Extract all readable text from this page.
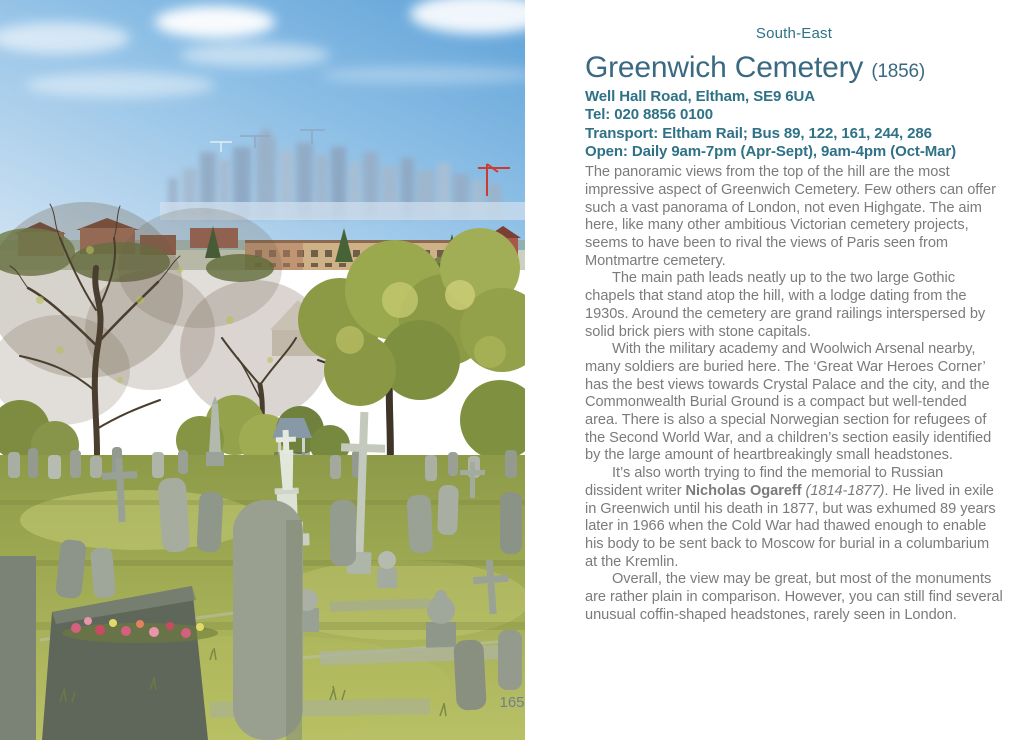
South-East
Greenwich Cemetery (1856)
Well Hall Road, Eltham, SE9 6UA
Tel: 020 8856 0100
Transport: Eltham Rail; Bus 89, 122, 161, 244, 286
Open: Daily 9am-7pm (Apr-Sept), 9am-4pm (Oct-Mar)

The panoramic views from the top of the hill are the most impressive aspect of Greenwich Cemetery. Few others can offer such a vast panorama of London, not even Highgate. The aim here, like many other ambitious Victorian cemetery projects, seems to have been to rival the views of Paris seen from Montmartre cemetery.

The main path leads neatly up to the two large Gothic chapels that stand atop the hill, with a lodge dating from the 1930s. Around the cemetery are grand railings interspersed by solid brick piers with stone capitals.

With the military academy and Woolwich Arsenal nearby, many soldiers are buried here. The ‘Great War Heroes Corner’ has the best views towards Crystal Palace and the city, and the Commonwealth Burial Ground is a compact but well-tended area. There is also a special Norwegian section for refugees of the Second World War, and a children’s section easily identified by the large amount of heartbreakingly small headstones.

It’s also worth trying to find the memorial to Russian dissident writer Nicholas Ogareff (1814-1877). He lived in exile in Greenwich until his death in 1877, but was exhumed 89 years later in 1966 when the Cold War had thawed enough to enable his body to be sent back to Moscow for burial in a columbarium at the Kremlin.

Overall, the view may be great, but most of the monuments are rather plain in comparison. However, you can still find several unusual coffin-shaped headstones, rarely seen in London.

165
